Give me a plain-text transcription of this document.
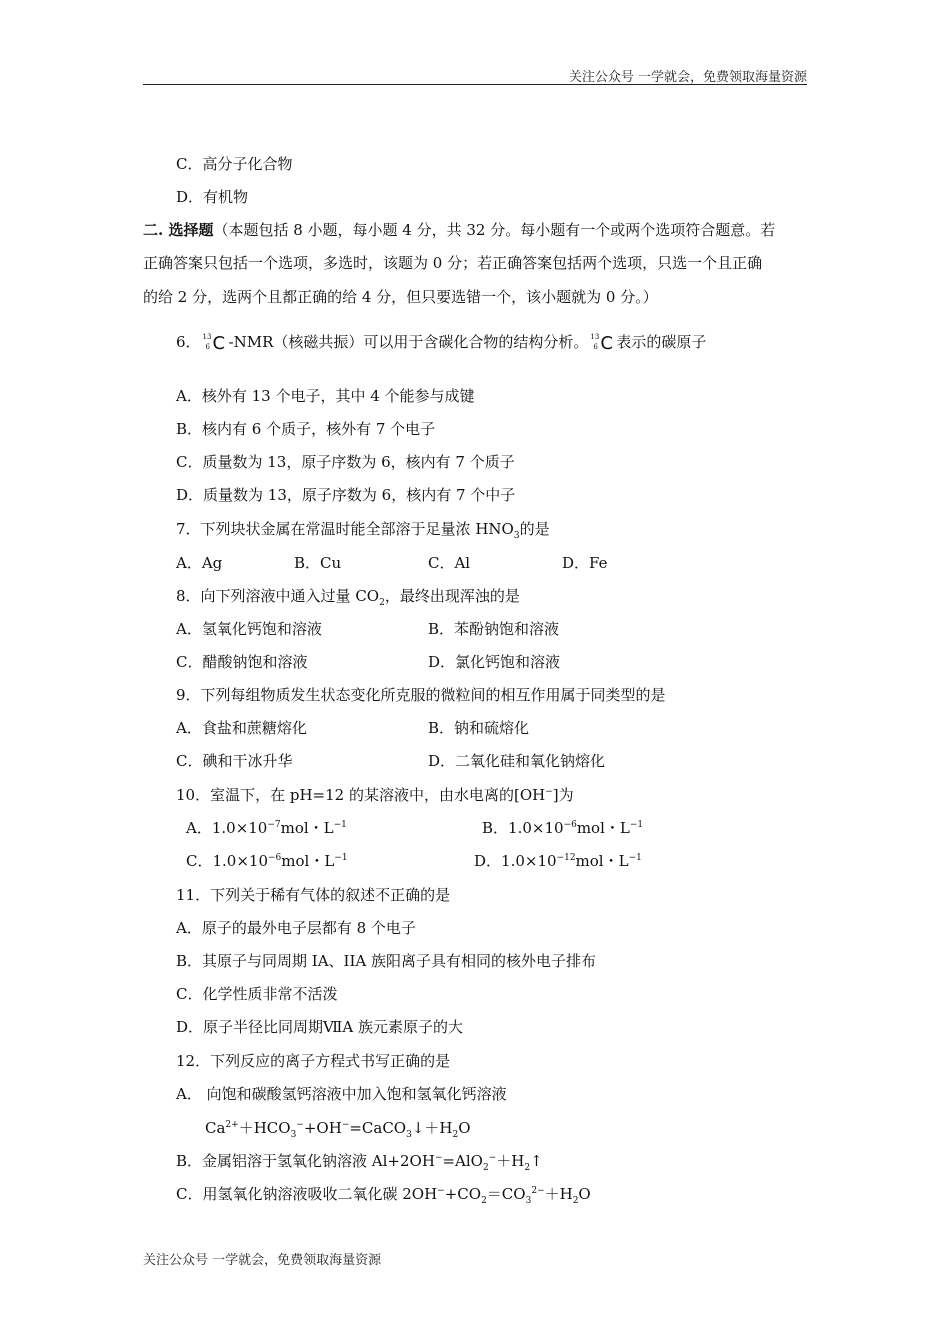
关注公众号 一学就会，免费领取海量资源
C．高分子化合物
D．有机物
二. 选择题（本题包括 8 小题，每小题 4 分，共 32 分。每小题有一个或两个选项符合题意。若
正确答案只包括一个选项，多选时，该题为 0 分；若正确答案包括两个选项，只选一个且正确
的给 2 分，选两个且都正确的给 4 分，但只要选错一个，该小题就为 0 分。）
6． 13
6 C -NMR（核磁共振）可以用于含碳化合物的结构分析。 13
6 C 表示的碳原子
A．核外有 13 个电子，其中 4 个能参与成键
B．核内有 6 个质子，核外有 7 个电子
C．质量数为 13，原子序数为 6，核内有 7 个质子
D．质量数为 13，原子序数为 6，核内有 7 个中子
7．下列块状金属在常温时能全部溶于足量浓 $HNO_3$的是
A．Ag	B．Cu	C．Al	D．Fe
8．向下列溶液中通入过量 $CO_2$，最终出现浑浊的是
A．氢氧化钙饱和溶液	B．苯酚钠饱和溶液
C．醋酸钠饱和溶液	D．氯化钙饱和溶液
9．下列每组物质发生状态变化所克服的微粒间的相互作用属于同类型的是
A．食盐和蔗糖熔化	B．钠和硫熔化
C．碘和干冰升华	D．二氧化硅和氧化钠熔化
10．室温下，在 pH=12 的某溶液中，由水电离的[OH−]为
A．$1.0\times 10^{-7}mol$・$L^{-1}$	B．$1.0\times 10^{-6}mol$・$L^{-1}$
C．$1.0\times 10^{-6}mol$・$L^{-1}$	D．$1.0\times 10^{-12}mol$・$L^{-1}$
11．下列关于稀有气体的叙述不正确的是
A．原子的最外电子层都有 8 个电子
B．其原子与同周期 IA、IIA 族阳离子具有相同的核外电子排布
C．化学性质非常不活泼
D．原子半径比同周期ⅦA 族元素原子的大
12．下列反应的离子方程式书写正确的是
A． 向饱和碳酸氢钙溶液中加入饱和氢氧化钙溶液
$Ca^{2+}+HCO_3^-+OH^-=CaCO_3↓+H_2O$
B．金属铝溶于氢氧化钠溶液 $Al+2OH^-=AlO_2^-+H_2↑$
C．用氢氧化钠溶液吸收二氧化碳 $2OH^-+CO_2=CO_3^{2-}+H_2O$
关注公众号 一学就会，免费领取海量资源
